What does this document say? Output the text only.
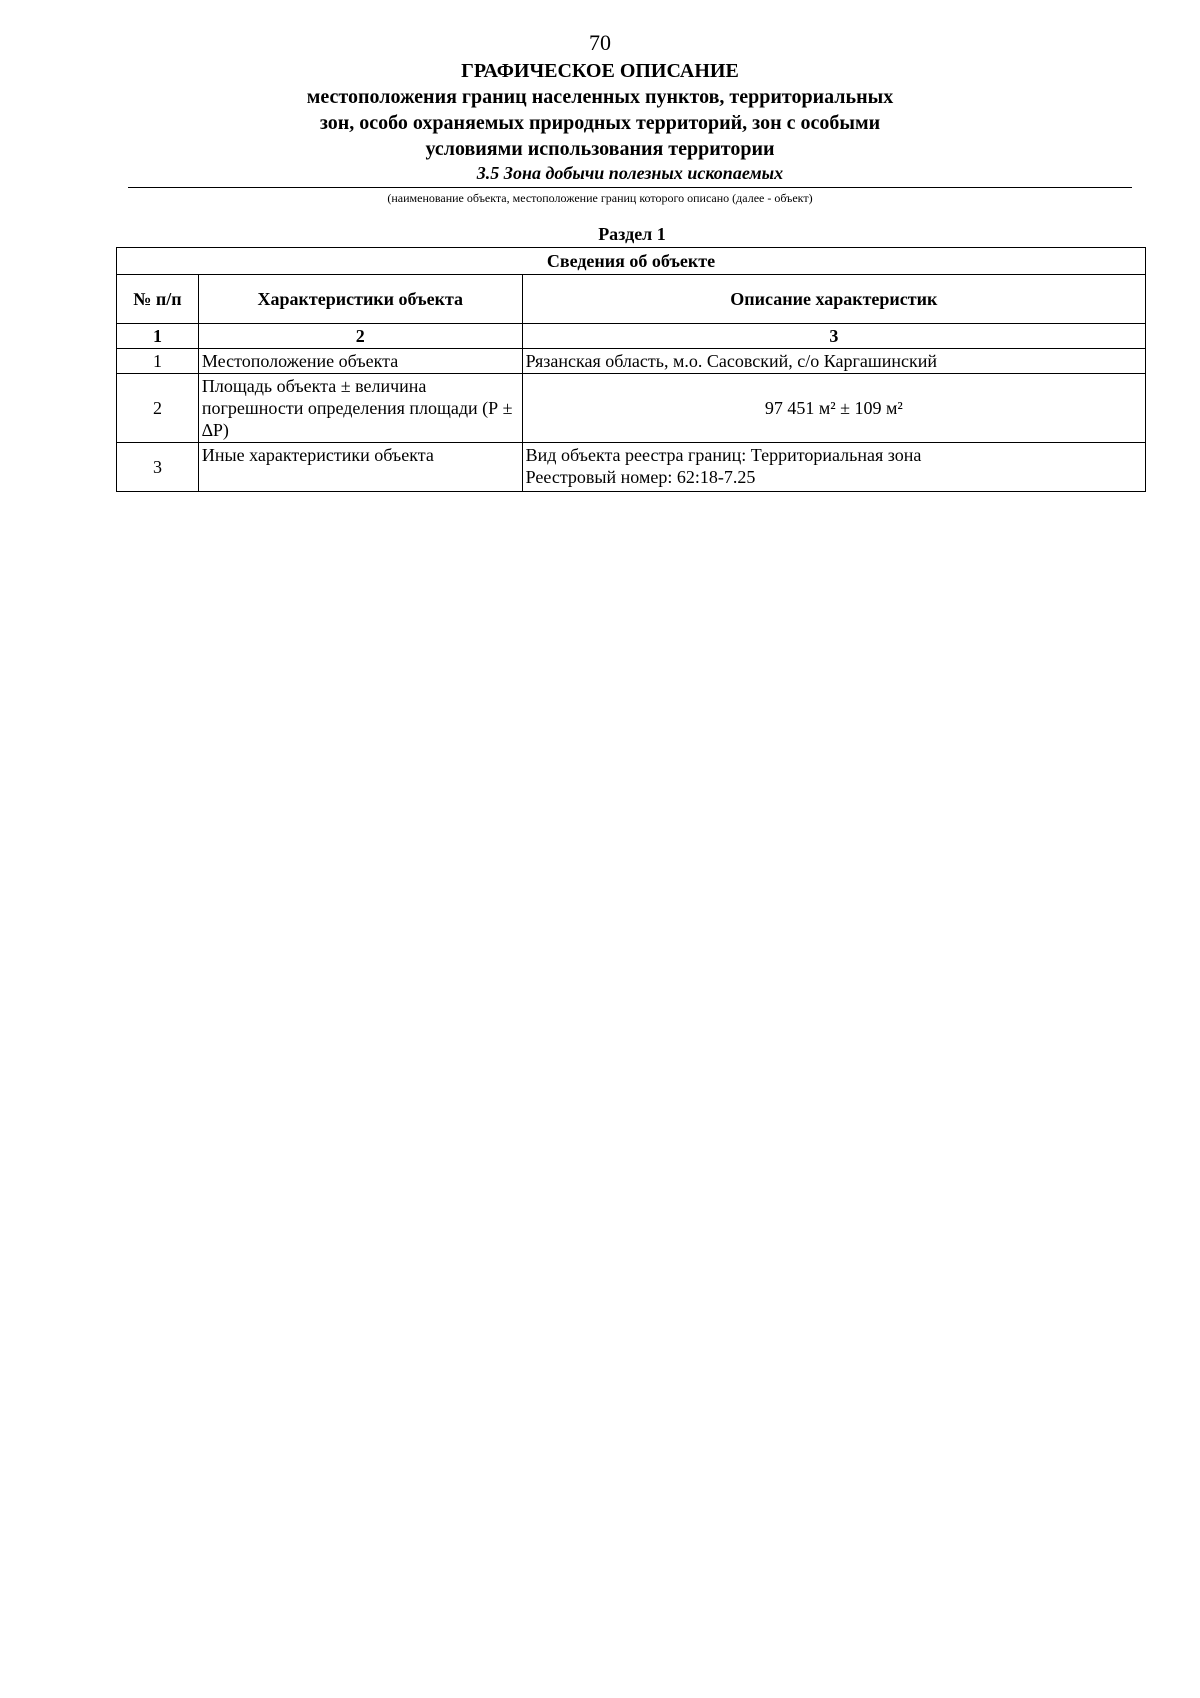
70

ГРАФИЧЕСКОЕ ОПИСАНИЕ

местоположения границ населенных пунктов, территориальных

зон, особо охраняемых природных территорий, зон с особыми

условиями использования территории

3.5 Зона добычи полезных ископаемых
(наименование объекта, местоположение границ которого описано (далее - объект)
Раздел 1
Сведения об объекте		
№ п/п	Характеристики объекта	Описание характеристик
1	2	3
1	Местоположение объекта	Рязанская область, м.о. Сасовский, с/о Каргашинский
2	Площадь объекта ± величина погрешности определения площади (Р ± ∆Р)	97 451 м² ± 109 м²
3	Иные характеристики объекта	Вид объекта реестра границ: Территориальная зона
Реестровый номер: 62:18-7.25
